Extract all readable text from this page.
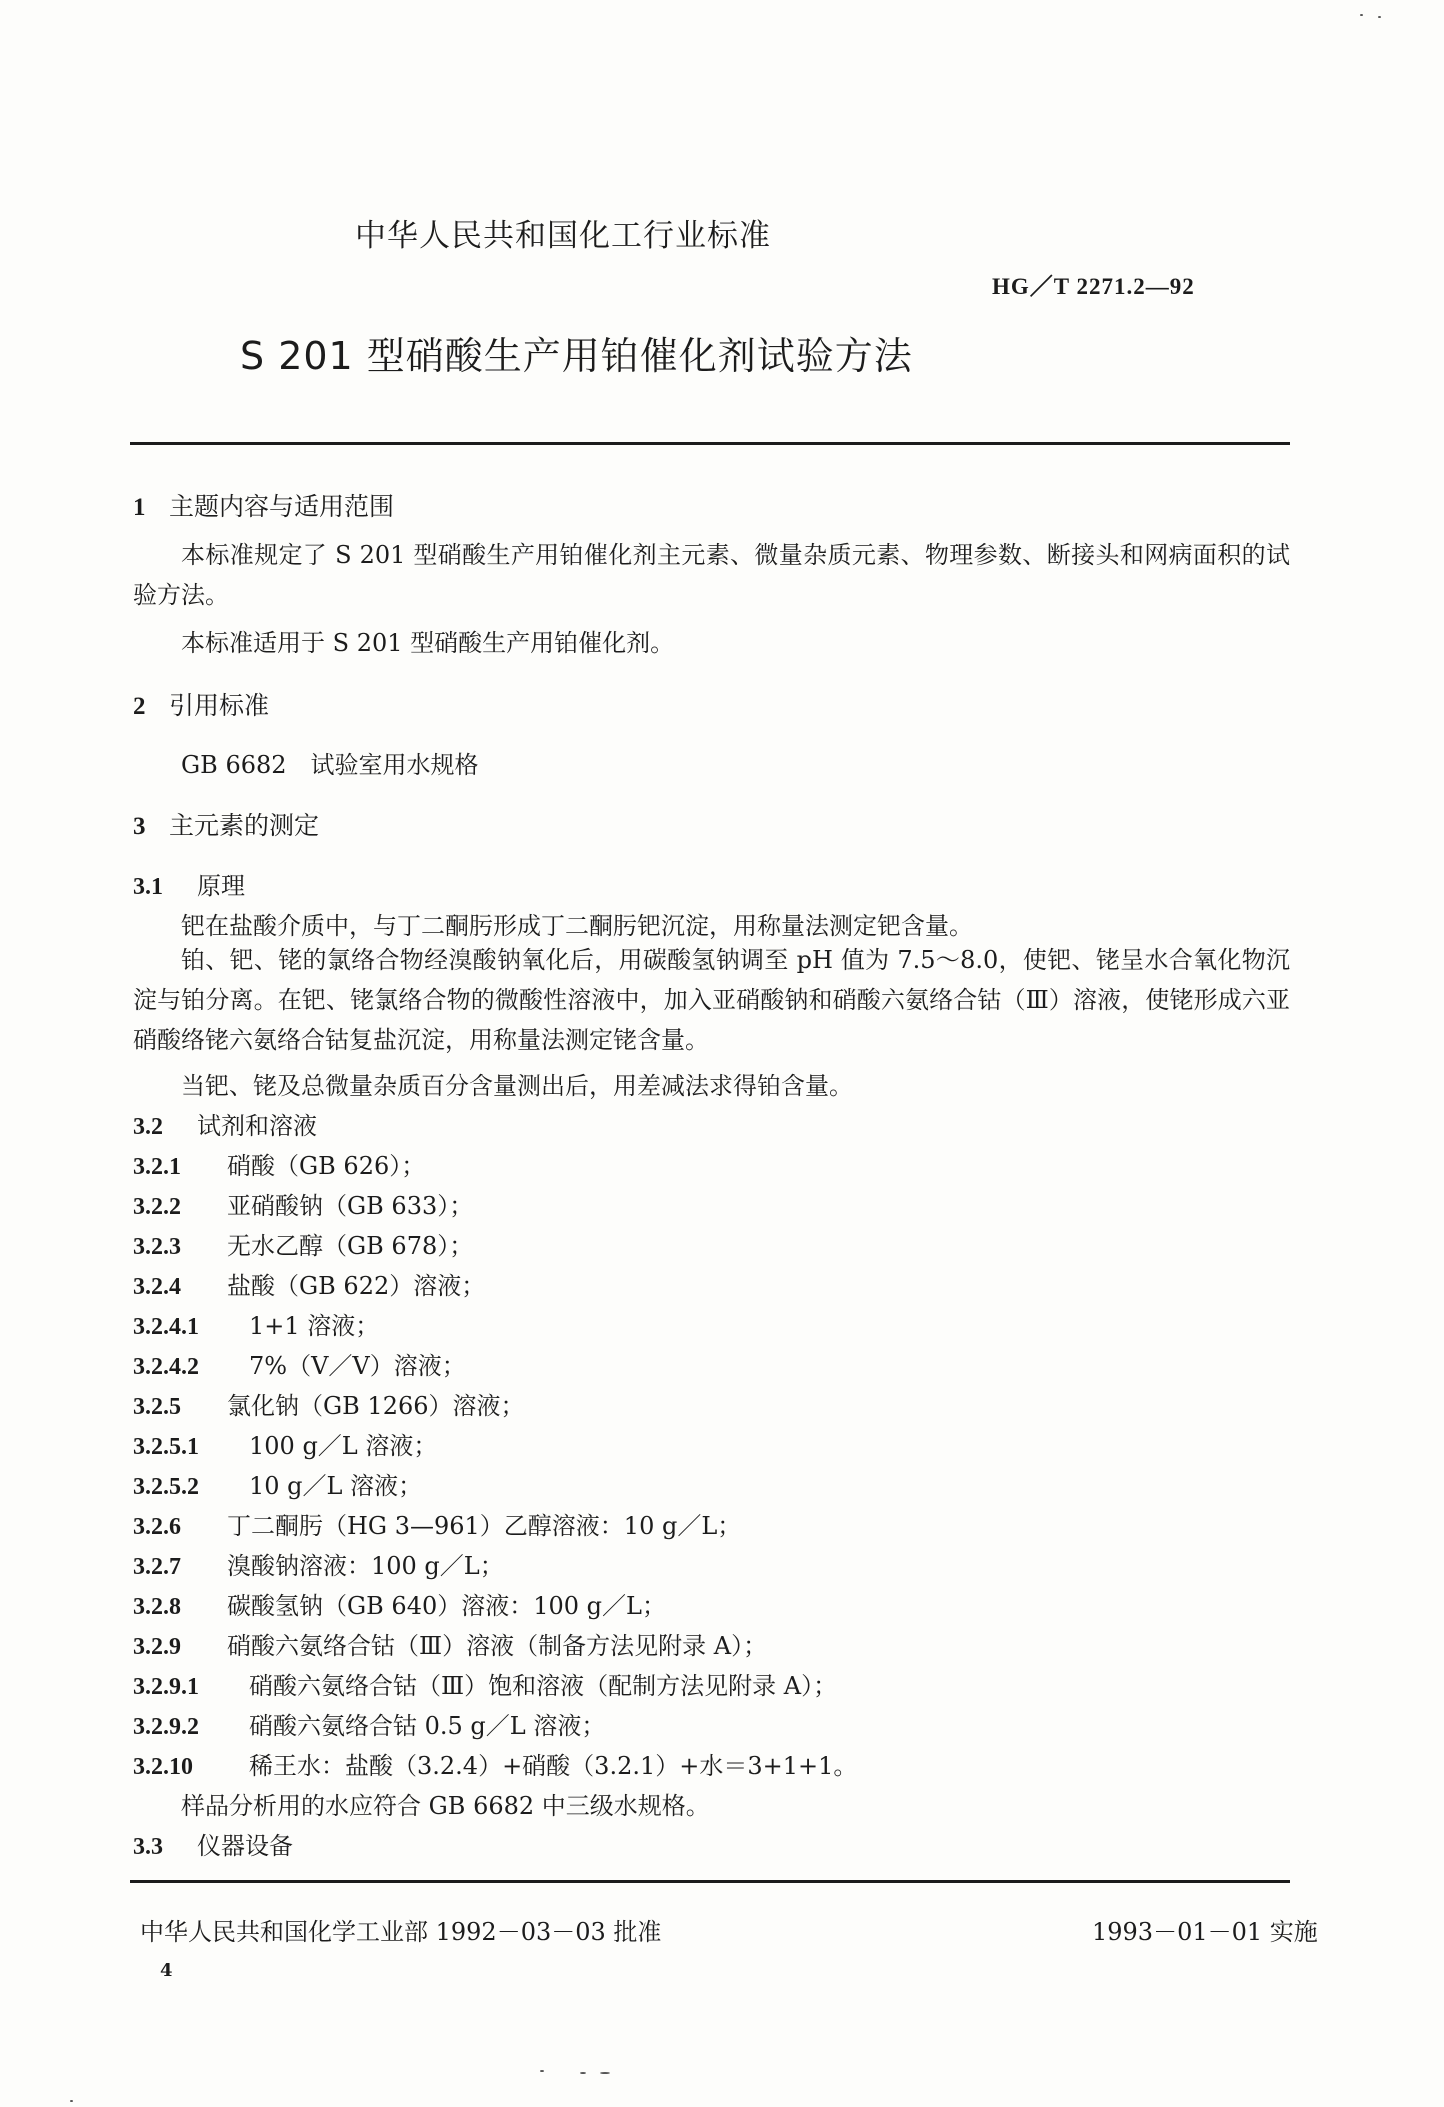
中华人民共和国化工行业标准
HG／T 2271.2—92
S 201 型硝酸生产用铂催化剂试验方法
1 主题内容与适用范围
本标准规定了 S 201 型硝酸生产用铂催化剂主元素、微量杂质元素、物理参数、断接头和网病面积的试验方法。
本标准适用于 S 201 型硝酸生产用铂催化剂。
2 引用标准
GB 6682　试验室用水规格
3 主元素的测定
3.1 原理
钯在盐酸介质中，与丁二酮肟形成丁二酮肟钯沉淀，用称量法测定钯含量。
铂、钯、铑的氯络合物经溴酸钠氧化后，用碳酸氢钠调至 pH 值为 7.5～8.0，使钯、铑呈水合氧化物沉淀与铂分离。在钯、铑氯络合物的微酸性溶液中，加入亚硝酸钠和硝酸六氨络合钴（Ⅲ）溶液，使铑形成六亚硝酸络铑六氨络合钴复盐沉淀，用称量法测定铑含量。
当钯、铑及总微量杂质百分含量测出后，用差减法求得铂含量。
3.2 试剂和溶液
3.2.1 硝酸（GB 626）；
3.2.2 亚硝酸钠（GB 633）；
3.2.3 无水乙醇（GB 678）；
3.2.4 盐酸（GB 622）溶液；
3.2.4.1 1+1 溶液；
3.2.4.2 7%（V／V）溶液；
3.2.5 氯化钠（GB 1266）溶液；
3.2.5.1 100 g／L 溶液；
3.2.5.2 10 g／L 溶液；
3.2.6 丁二酮肟（HG 3—961）乙醇溶液：10 g／L；
3.2.7 溴酸钠溶液：100 g／L；
3.2.8 碳酸氢钠（GB 640）溶液：100 g／L；
3.2.9 硝酸六氨络合钴（Ⅲ）溶液（制备方法见附录 A）；
3.2.9.1 硝酸六氨络合钴（Ⅲ）饱和溶液（配制方法见附录 A）；
3.2.9.2 硝酸六氨络合钴 0.5 g／L 溶液；
3.2.10 稀王水：盐酸（3.2.4）+硝酸（3.2.1）+水＝3+1+1。
样品分析用的水应符合 GB 6682 中三级水规格。
3.3 仪器设备
中华人民共和国化学工业部 1992－03－03 批准	1993－01－01 实施
4
